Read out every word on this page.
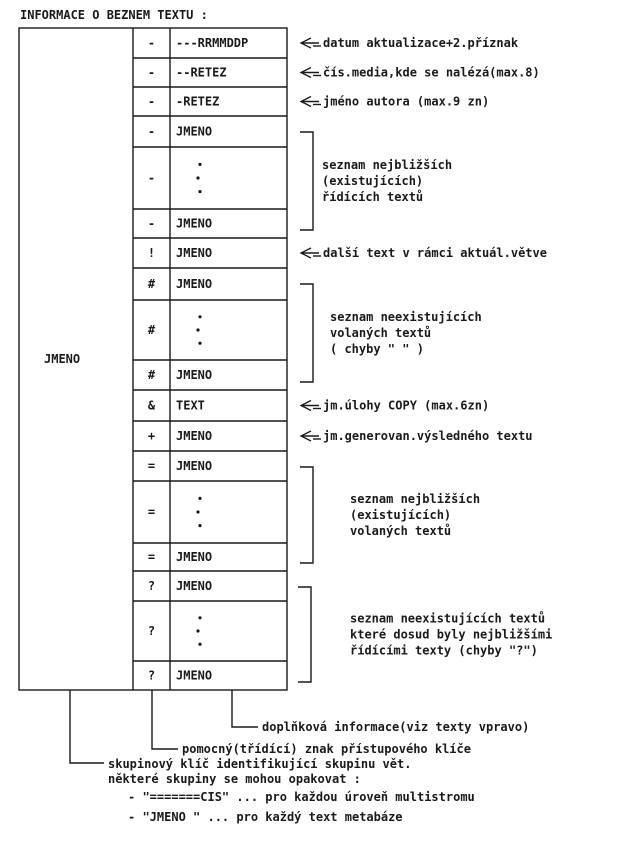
INFORMACE O BEZNEM TEXTU :
JMENO
- ---RRMMDDP
- --RETEZ
- -RETEZ
- JMENO
-
- JMENO
! JMENO
# JMENO
#
# JMENO
& TEXT
+ JMENO
= JMENO
=
= JMENO
? JMENO
?
? JMENO
datum aktualizace+2.příznak
čís.media,kde se nalézá(max.8)
jméno autora (max.9 zn)
další text v rámci aktuál.větve
jm.úlohy COPY (max.6zn)
jm.generovan.výsledného textu
seznam nejbližších
(existujících)
řídících textů
seznam neexistujících
volaných textů
( chyby " " )
seznam nejbližších
(existujících)
volaných textů
seznam neexistujících textů
které dosud byly nejbližšími
řídícími texty (chyby "?")
doplňková informace(viz texty vpravo)
pomocný(třídící) znak přístupového klíče
skupinový klíč identifikující skupinu vět.
některé skupiny se mohou opakovat :
- "=======CIS" ... pro každou úroveň multistromu
- "JMENO " ... pro každý text metabáze
